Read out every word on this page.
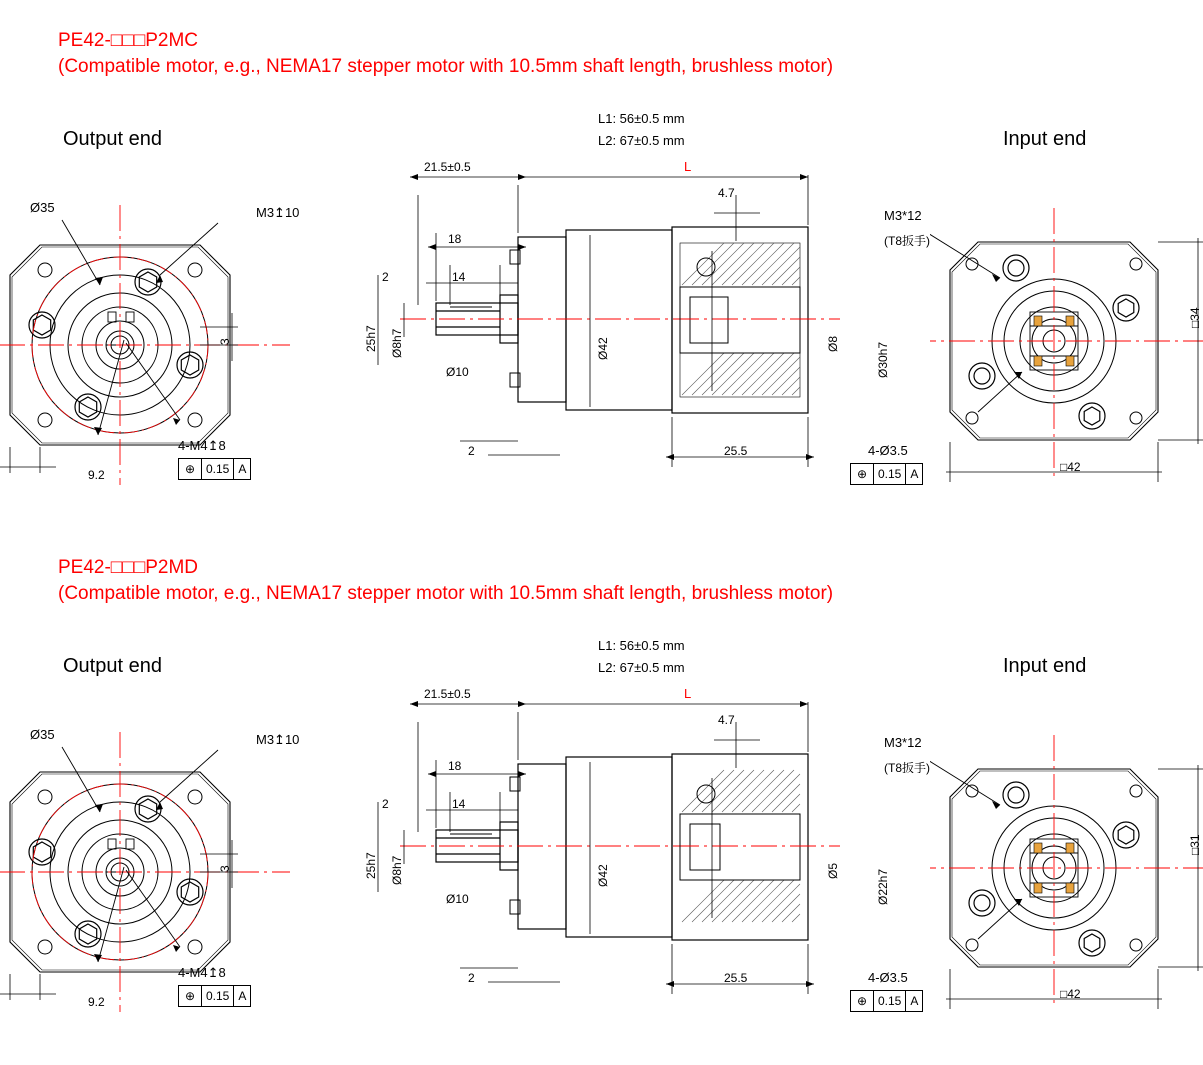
PE42-□□□P2MC
(Compatible motor, e.g., NEMA17 stepper motor with 10.5mm shaft length, brushless motor)
Output end	Input end
L1: 56±0.5 mm
L2: 67±0.5 mm
L
Ø35	M3↥10
9.2
3
4-M4↥8
⊕ 0.15 A
21.5±0.5
18
2	14
4.7
25.5
2
25h7 Ø8h7
Ø10
Ø42	Ø8	Ø30h7
M3*12
(T8扳手)
4-Ø3.5
⊕ 0.15 A	□42
□34
PE42-□□□P2MD
(Compatible motor, e.g., NEMA17 stepper motor with 10.5mm shaft length, brushless motor)
Output end	Input end
L1: 56±0.5 mm
L2: 67±0.5 mm
L
Ø35	M3↥10
9.2
3
4-M4↥8
⊕ 0.15 A
21.5±0.5
18
2	14
4.7
25.5
2
25h7 Ø8h7
Ø10
Ø42	Ø5	Ø22h7
M3*12
(T8扳手)
4-Ø3.5
⊕ 0.15 A	□42
□31
